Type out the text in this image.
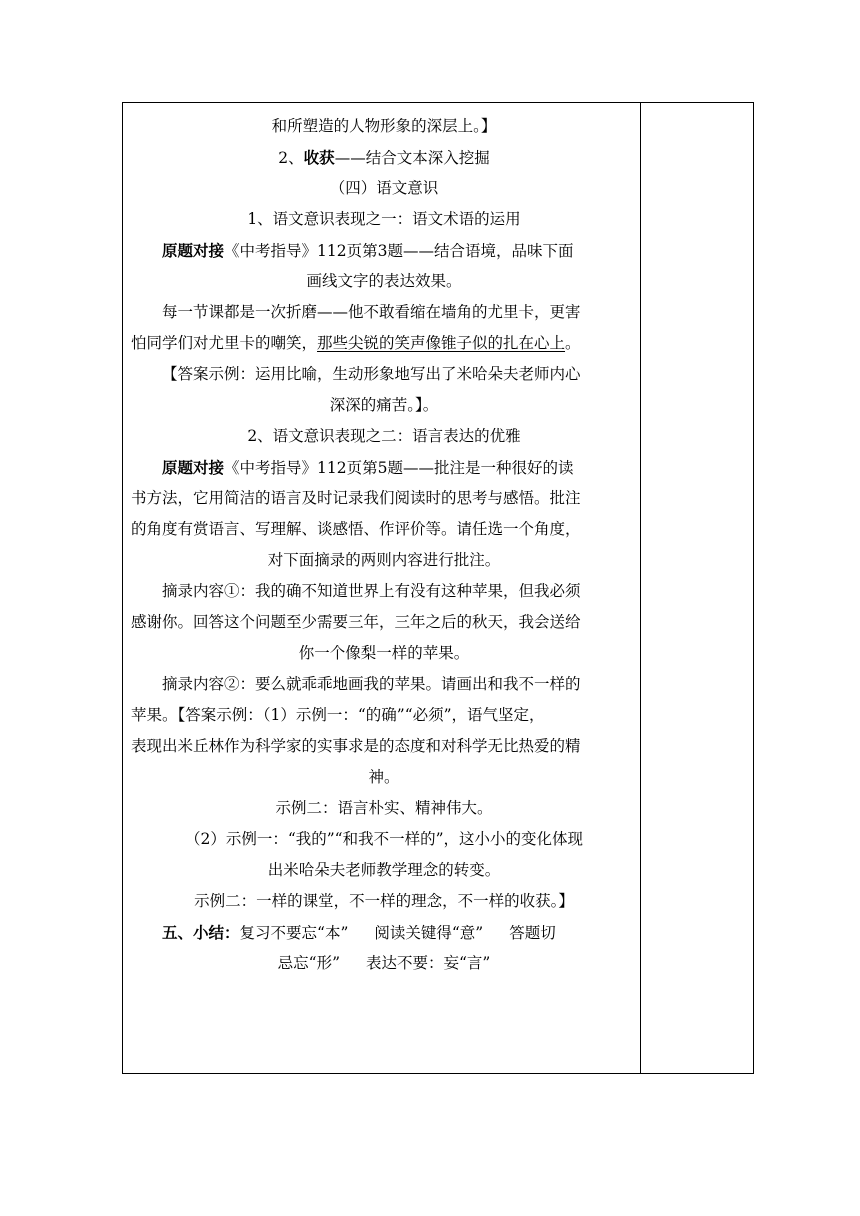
和所塑造的人物形象的深层上。】
2、收获——结合文本深入挖掘
（四）语文意识
1、语文意识表现之一：语文术语的运用
原题对接《中考指导》112页第3题——结合语境，品味下面
画线文字的表达效果。
每一节课都是一次折磨——他不敢看缩在墙角的尤里卡，更害
怕同学们对尤里卡的嘲笑，那些尖锐的笑声像锥子似的扎在心上。
【答案示例：运用比喻，生动形象地写出了米哈朵夫老师内心
深深的痛苦。】。
2、语文意识表现之二：语言表达的优雅
原题对接《中考指导》112页第5题——批注是一种很好的读
书方法，它用简洁的语言及时记录我们阅读时的思考与感悟。批注
的角度有赏语言、写理解、谈感悟、作评价等。请任选一个角度，
对下面摘录的两则内容进行批注。
摘录内容①：我的确不知道世界上有没有这种苹果，但我必须
感谢你。回答这个问题至少需要三年，三年之后的秋天，我会送给
你一个像梨一样的苹果。
摘录内容②：要么就乖乖地画我的苹果。请画出和我不一样的
苹果。【答案示例：（1）示例一：“的确”“必须”，语气坚定，
表现出米丘林作为科学家的实事求是的态度和对科学无比热爱的精
神。
示例二：语言朴实、精神伟大。
（2）示例一：“我的”“和我不一样的”，这小小的变化体现
出米哈朵夫老师教学理念的转变。
示例二：一样的课堂，不一样的理念，不一样的收获。】
五、小结：复习不要忘“本” 阅读关键得“意” 答题切
忌忘“形” 表达不要：妄“言”
